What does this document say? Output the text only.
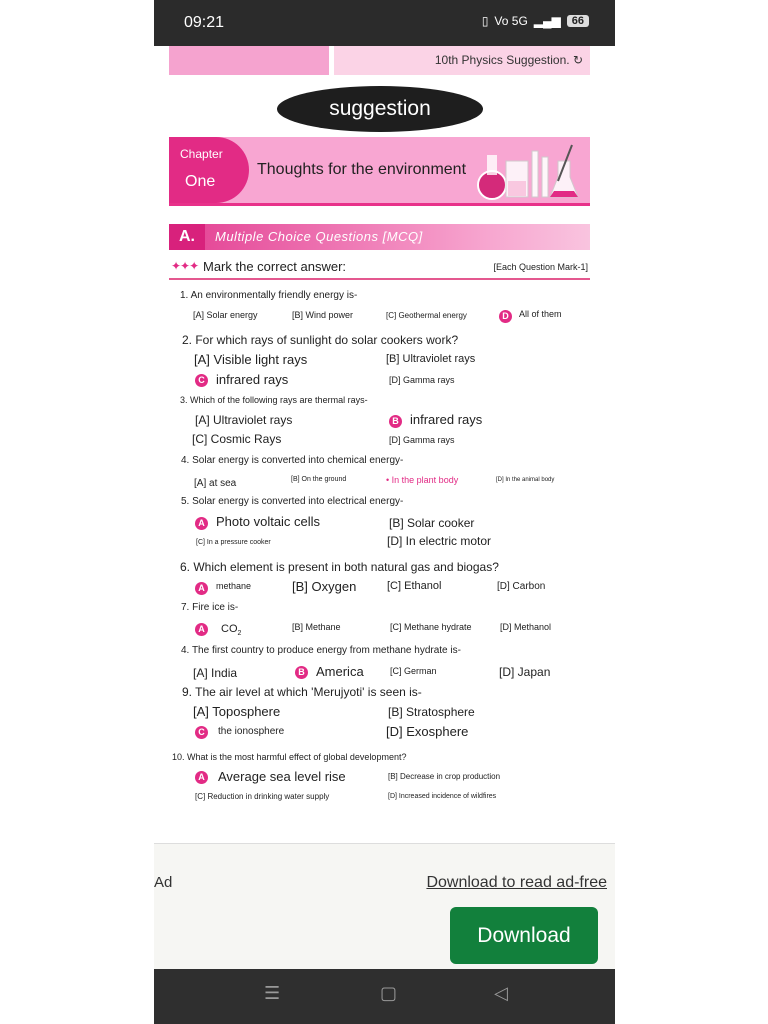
09:21	▯ Vo 5G ▂▄▆	66
10th Physics Suggestion. ↻
suggestion
Chapter
One
Thoughts for the environment
A.	Multiple Choice Questions [MCQ]
✦✦✦ Mark the correct answer:	[Each Question Mark-1]
1. An environmentally friendly energy is-
[A] Solar energy	[B] Wind power	[C] Geothermal energy	D	All of them
2. For which rays of sunlight do solar cookers work?
[A] Visible light rays	[B] Ultraviolet rays
C infrared rays	[D] Gamma rays
3. Which of the following rays are thermal rays-
[A] Ultraviolet rays	B infrared rays
[C] Cosmic Rays	[D] Gamma rays
4. Solar energy is converted into chemical energy-
[A] at sea	[B] On the ground	• In the plant body	[D] In the animal body
5. Solar energy is converted into electrical energy-
A Photo voltaic cells	[B] Solar cooker
[C] In a pressure cooker	[D] In electric motor
6. Which element is present in both natural gas and biogas?
A	methane	[B] Oxygen	[C] Ethanol	[D] Carbon
7. Fire ice is-
A $CO_2$
[B] Methane	[C] Methane hydrate	[D] Methanol
4. The first country to produce energy from methane hydrate is-
[A] India	B America	[C] German	[D] Japan
9. The air level at which 'Merujyoti' is seen is-
[A] Toposphere	[B] Stratosphere
C	the ionosphere	[D] Exosphere
10. What is the most harmful effect of global development?
A Average sea level rise	[B] Decrease in crop production
[C] Reduction in drinking water supply	[D] Increased incidence of wildfires
Ad	Download to read ad-free
Download
☰	▢	◁
